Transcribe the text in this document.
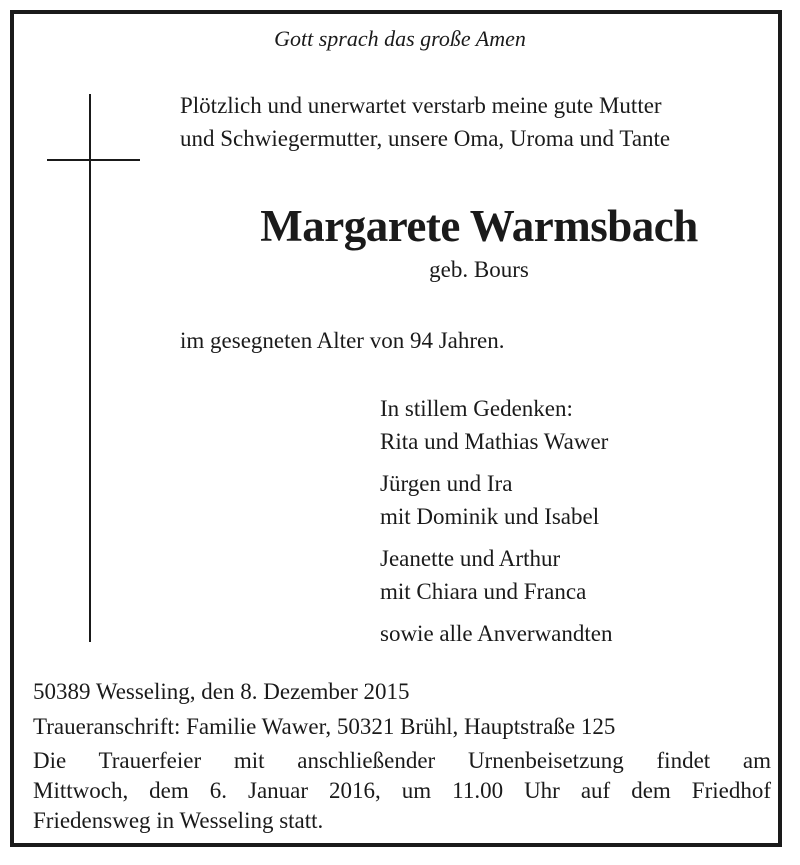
Gott sprach das große Amen
Plötzlich und unerwartet verstarb meine gute Mutter
und Schwiegermutter, unsere Oma, Uroma und Tante
Margarete Warmsbach
geb. Bours
im gesegneten Alter von 94 Jahren.
In stillem Gedenken:
Rita und Mathias Wawer
Jürgen und Ira
mit Dominik und Isabel
Jeanette und Arthur
mit Chiara und Franca
sowie alle Anverwandten
50389 Wesseling, den 8. Dezember 2015
Traueranschrift: Familie Wawer, 50321 Brühl, Hauptstraße 125
Die Trauerfeier mit anschließender Urnenbeisetzung findet am
Mittwoch, dem 6. Januar 2016, um 11.00 Uhr auf dem Friedhof
Friedensweg in Wesseling statt.
